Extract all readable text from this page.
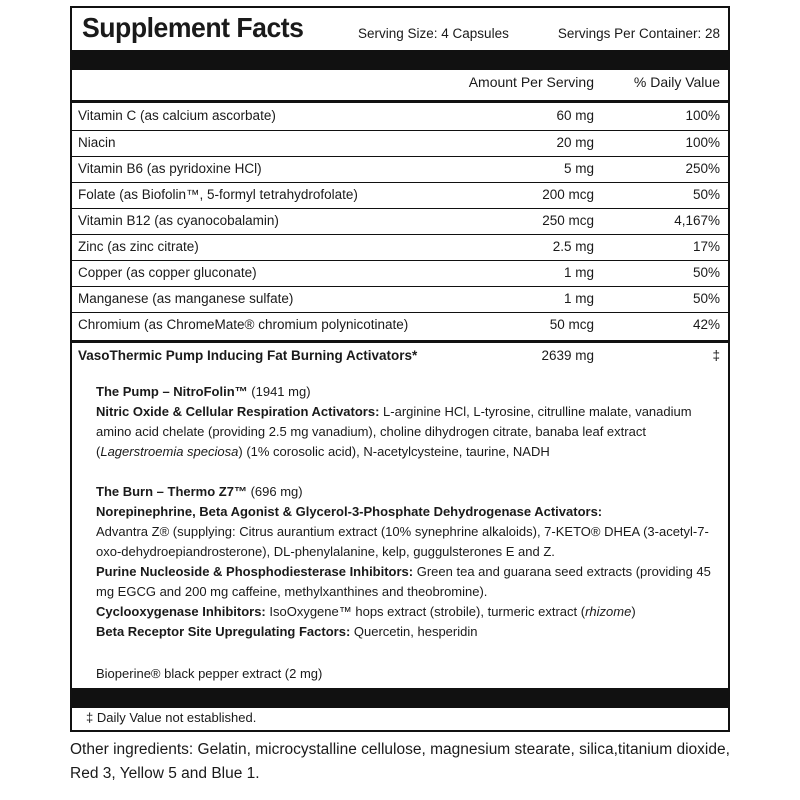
Supplement Facts	Serving Size: 4 Capsules	Servings Per Container: 28
Amount Per Serving	% Daily Value
Vitamin C (as calcium ascorbate)	60 mg	100%
Niacin	20 mg	100%
Vitamin B6 (as pyridoxine HCl)	5 mg	250%
Folate (as Biofolin™, 5-formyl tetrahydrofolate)	200 mcg	50%
Vitamin B12 (as cyanocobalamin)	250 mcg	4,167%
Zinc (as zinc citrate)	2.5 mg	17%
Copper (as copper gluconate)	1 mg	50%
Manganese (as manganese sulfate)	1 mg	50%
Chromium (as ChromeMate® chromium polynicotinate)	50 mcg	42%
VasoThermic Pump Inducing Fat Burning Activators*	2639 mg	‡
The Pump – NitroFolin™ (1941 mg)
Nitric Oxide & Cellular Respiration Activators: L-arginine HCl, L-tyrosine, citrulline malate, vanadium amino acid chelate (providing 2.5 mg vanadium), choline dihydrogen citrate, banaba leaf extract (Lagerstroemia speciosa) (1% corosolic acid), N-acetylcysteine, taurine, NADH
The Burn – Thermo Z7™ (696 mg)
Norepinephrine, Beta Agonist & Glycerol-3-Phosphate Dehydrogenase Activators:
Advantra Z® (supplying: Citrus aurantium extract (10% synephrine alkaloids), 7-KETO® DHEA (3-acetyl-7-oxo-dehydroepiandrosterone), DL-phenylalanine, kelp, guggulsterones E and Z.
Purine Nucleoside & Phosphodiesterase Inhibitors: Green tea and guarana seed extracts (providing 45 mg EGCG and 200 mg caffeine, methylxanthines and theobromine).
Cyclooxygenase Inhibitors: IsoOxygene™ hops extract (strobile), turmeric extract (rhizome)
Beta Receptor Site Upregulating Factors: Quercetin, hesperidin
Bioperine® black pepper extract (2 mg)
‡ Daily Value not established.
Other ingredients: Gelatin, microcystalline cellulose, magnesium stearate, silica,titanium dioxide, Red 3, Yellow 5 and Blue 1.
